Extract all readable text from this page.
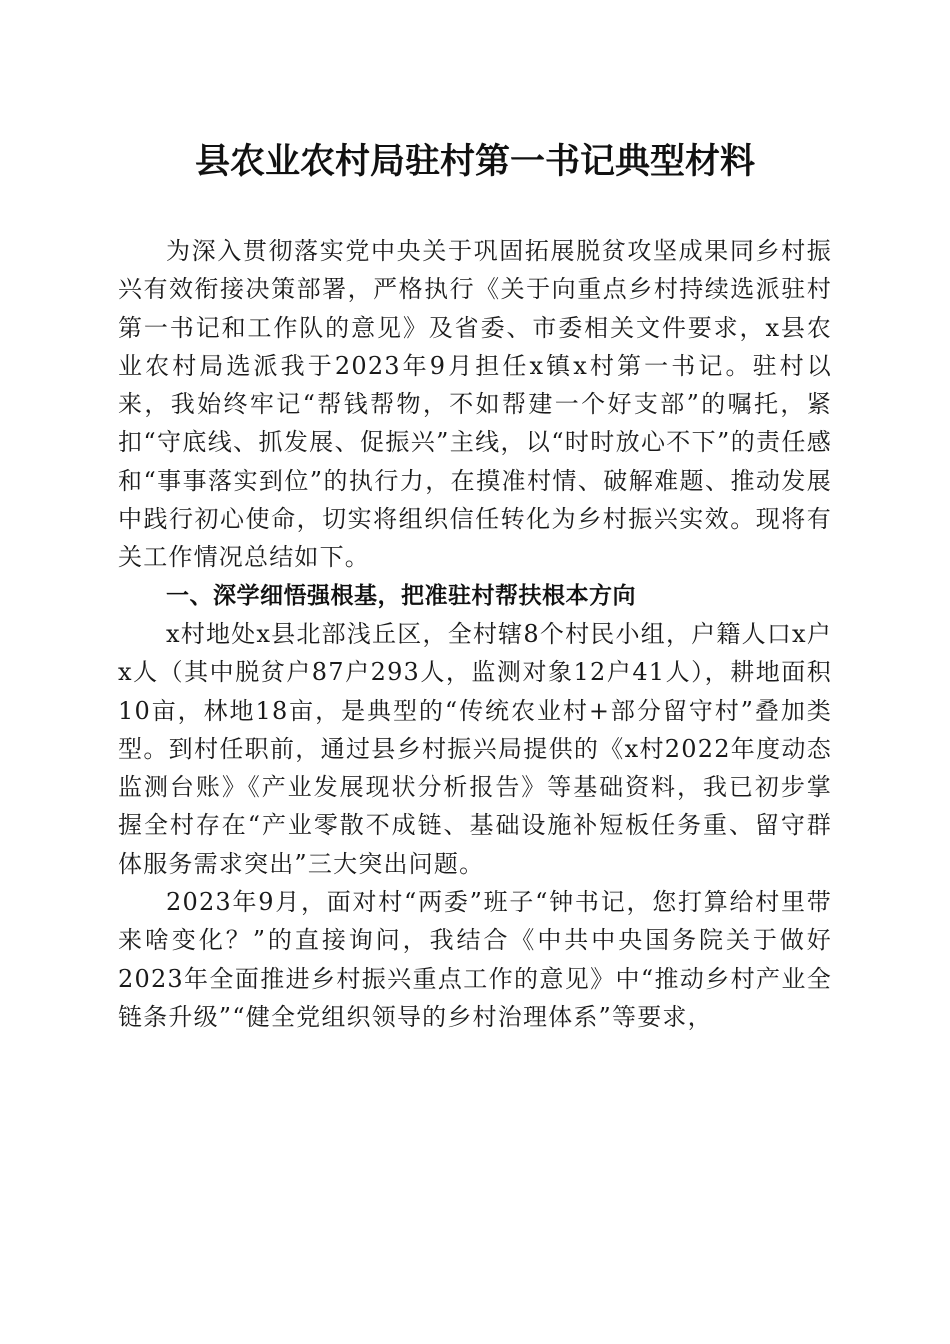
县农业农村局驻村第一书记典型材料

为深入贯彻落实党中央关于巩固拓展脱贫攻坚成果同乡村振兴有效衔接决策部署，严格执行《关于向重点乡村持续选派驻村第一书记和工作队的意见》及省委、市委相关文件要求，x县农业农村局选派我于2023年9月担任x镇x村第一书记。驻村以来，我始终牢记“帮钱帮物，不如帮建一个好支部”的嘱托，紧扣“守底线、抓发展、促振兴”主线，以“时时放心不下”的责任感和“事事落实到位”的执行力，在摸准村情、破解难题、推动发展中践行初心使命，切实将组织信任转化为乡村振兴实效。现将有关工作情况总结如下。

一、深学细悟强根基，把准驻村帮扶根本方向

x村地处x县北部浅丘区，全村辖8个村民小组，户籍人口x户x人（其中脱贫户87户293人，监测对象12户41人），耕地面积10亩，林地18亩，是典型的“传统农业村+部分留守村”叠加类型。到村任职前，通过县乡村振兴局提供的《x村2022年度动态监测台账》《产业发展现状分析报告》等基础资料，我已初步掌握全村存在“产业零散不成链、基础设施补短板任务重、留守群体服务需求突出”三大突出问题。

2023年9月，面对村“两委”班子“钟书记，您打算给村里带来啥变化？”的直接询问，我结合《中共中央国务院关于做好2023年全面推进乡村振兴重点工作的意见》中“推动乡村产业全链条升级”“健全党组织领导的乡村治理体系”等要求，
